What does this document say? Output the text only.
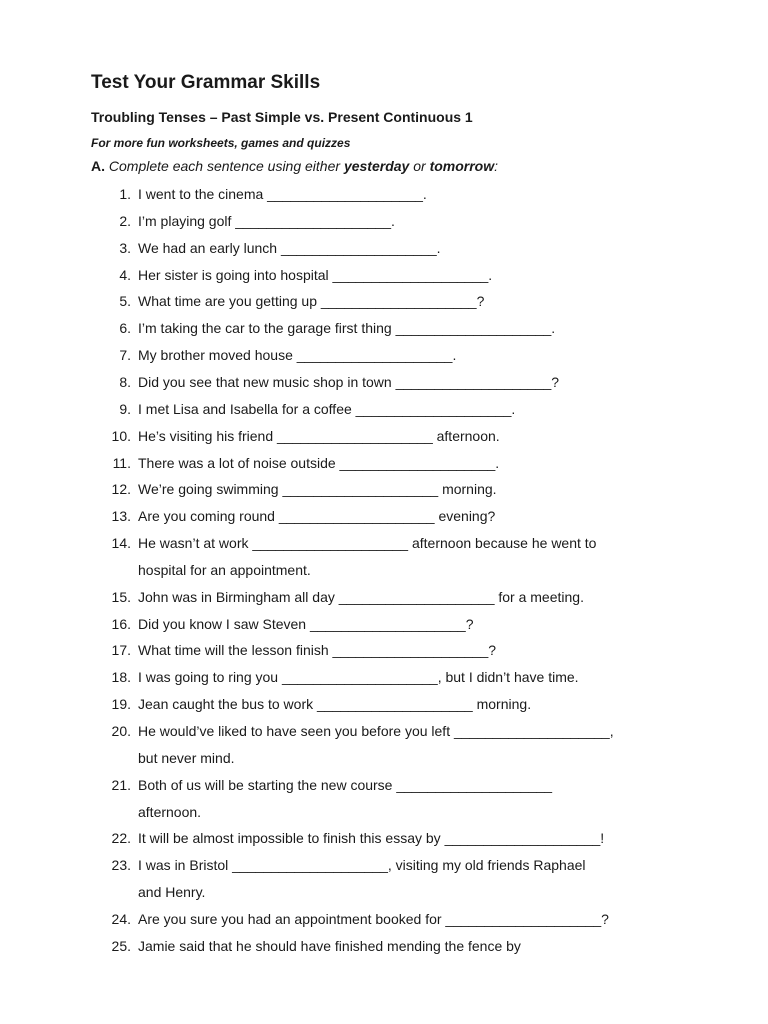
Test Your Grammar Skills
Troubling Tenses – Past Simple vs. Present Continuous 1
For more fun worksheets, games and quizzes
A. Complete each sentence using either yesterday or tomorrow:
1. I went to the cinema ____________________.
2. I’m playing golf ____________________.
3. We had an early lunch ____________________.
4. Her sister is going into hospital ____________________.
5. What time are you getting up ____________________?
6. I’m taking the car to the garage first thing ____________________.
7. My brother moved house ____________________.
8. Did you see that new music shop in town ____________________?
9. I met Lisa and Isabella for a coffee ____________________.
10. He’s visiting his friend ____________________ afternoon.
11. There was a lot of noise outside ____________________.
12. We’re going swimming ____________________ morning.
13. Are you coming round ____________________ evening?
14. He wasn’t at work ____________________ afternoon because he went to
hospital for an appointment.
15. John was in Birmingham all day ____________________ for a meeting.
16. Did you know I saw Steven ____________________?
17. What time will the lesson finish ____________________?
18. I was going to ring you ____________________, but I didn’t have time.
19. Jean caught the bus to work ____________________ morning.
20. He would’ve liked to have seen you before you left ____________________,
but never mind.
21. Both of us will be starting the new course ____________________
afternoon.
22. It will be almost impossible to finish this essay by ____________________!
23. I was in Bristol ____________________, visiting my old friends Raphael
and Henry.
24. Are you sure you had an appointment booked for ____________________?
25. Jamie said that he should have finished mending the fence by
